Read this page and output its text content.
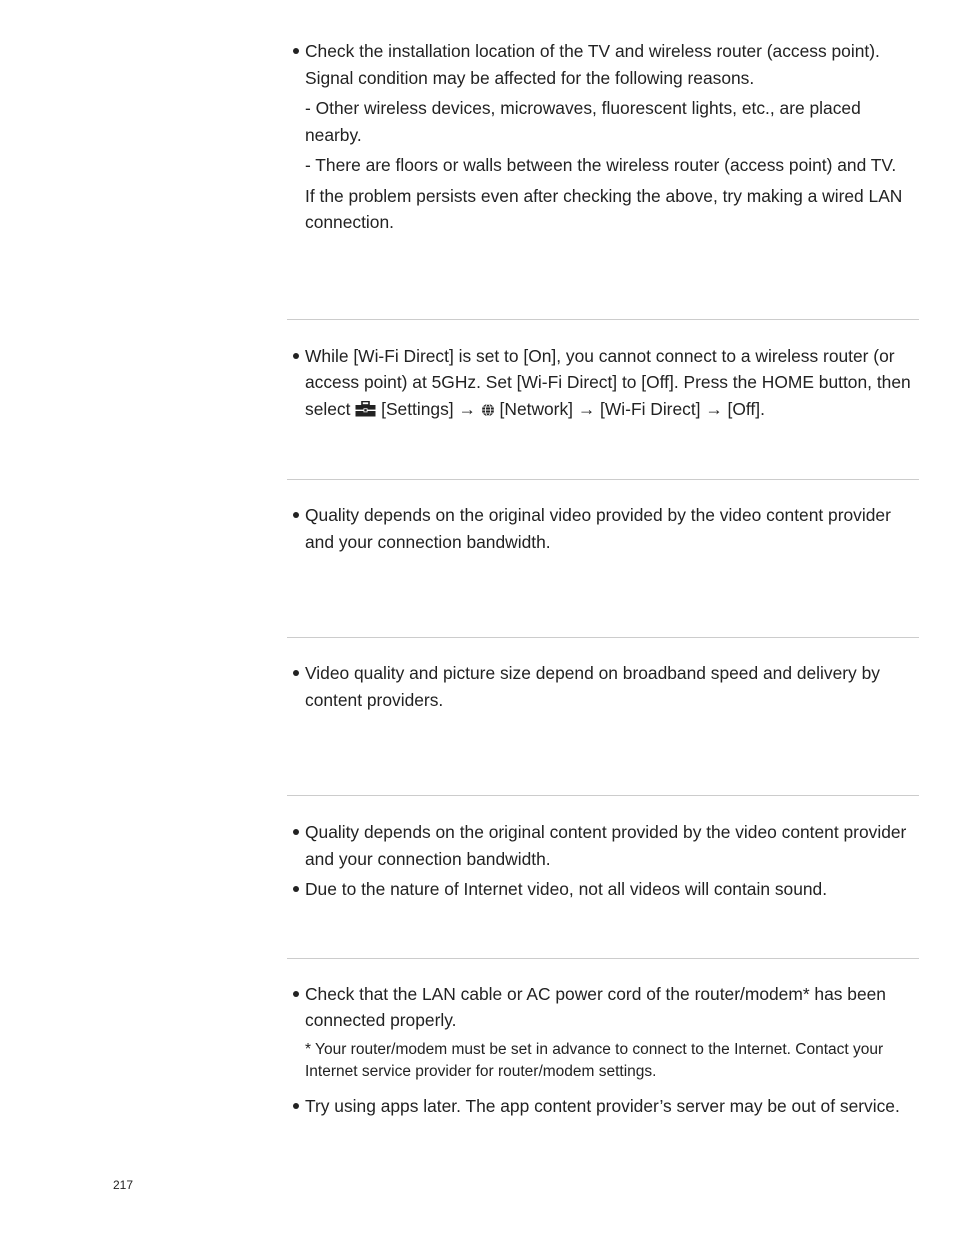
Check the installation location of the TV and wireless router (access point). Signal condition may be affected for the following reasons.
- Other wireless devices, microwaves, fluorescent lights, etc., are placed nearby.
- There are floors or walls between the wireless router (access point) and TV.
If the problem persists even after checking the above, try making a wired LAN connection.
While [Wi-Fi Direct] is set to [On], you cannot connect to a wireless router (or access point) at 5GHz. Set [Wi-Fi Direct] to [Off]. Press the HOME button, then select [Settings] → [Network] → [Wi-Fi Direct] → [Off].
Quality depends on the original video provided by the video content provider and your connection bandwidth.
Video quality and picture size depend on broadband speed and delivery by content providers.
Quality depends on the original content provided by the video content provider and your connection bandwidth.
Due to the nature of Internet video, not all videos will contain sound.
Check that the LAN cable or AC power cord of the router/modem* has been connected properly.
* Your router/modem must be set in advance to connect to the Internet. Contact your Internet service provider for router/modem settings.
Try using apps later. The app content provider’s server may be out of service.
217
